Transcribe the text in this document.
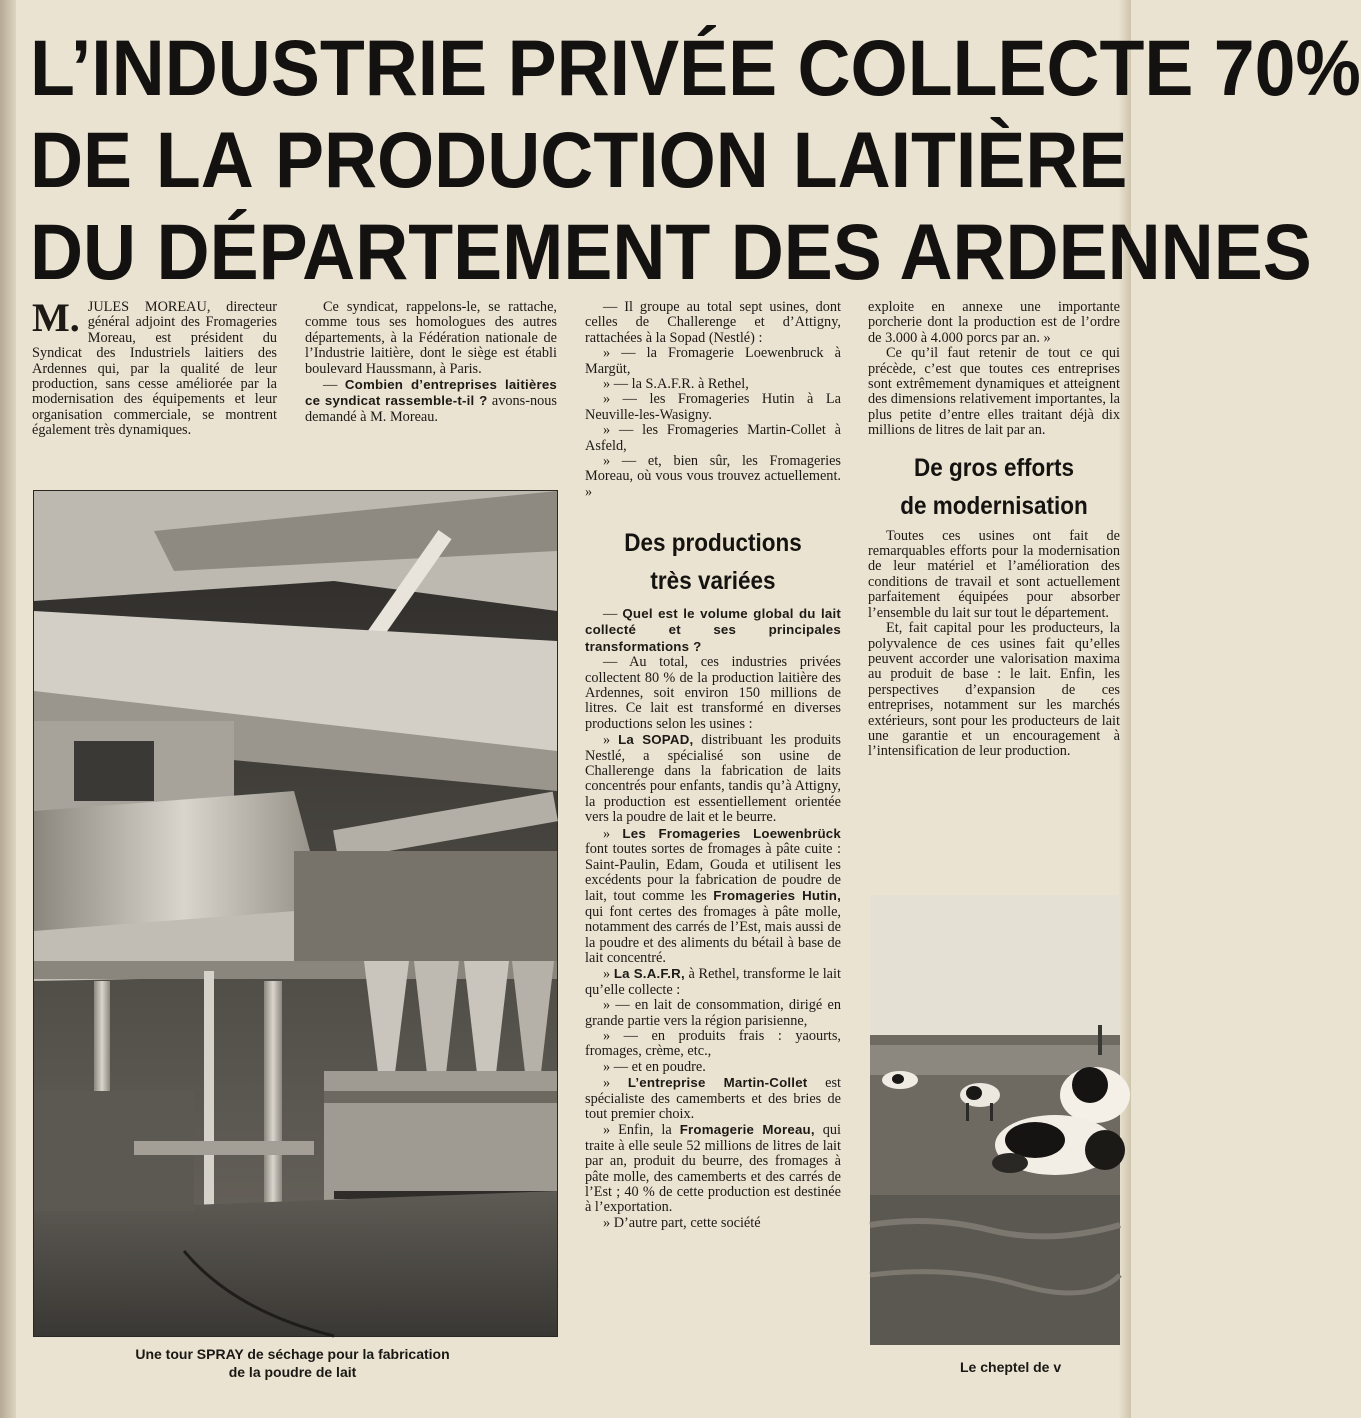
L’INDUSTRIE PRIVÉE COLLECTE 70%
DE LA PRODUCTION LAITIÈRE
DU DÉPARTEMENT DES ARDENNES
M. JULES MOREAU, directeur général adjoint des Fromageries Moreau, est président du Syndicat des Industriels laitiers des Ardennes qui, par la qualité de leur production, sans cesse améliorée par la modernisation des équipements et leur organisation commerciale, se montrent également très dynamiques.

Ce syndicat, rappelons-le, se rattache, comme tous ses homologues des autres départements, à la Fédération nationale de l’Industrie laitière, dont le siège est établi boulevard Haussmann, à Paris.

— Combien d’entreprises laitières ce syndicat rassemble-t-il ? avons-nous demandé à M. Moreau.

Une tour SPRAY de séchage pour la fabrication
de la poudre de lait

— Il groupe au total sept usines, dont celles de Challerenge et d’Attigny, rattachées à la Sopad (Nestlé) :

» — la Fromagerie Loewenbruck à Margüt,

» — la S.A.F.R. à Rethel,

» — les Fromageries Hutin à La Neuville-les-Wasigny.

» — les Fromageries Martin-Collet à Asfeld,

» — et, bien sûr, les Fromageries Moreau, où vous vous trouvez actuellement. »

Des productions
très variées

— Quel est le volume global du lait collecté et ses principales transformations ?

— Au total, ces industries privées collectent 80 % de la production laitière des Ardennes, soit environ 150 millions de litres. Ce lait est transformé en diverses productions selon les usines :

» La SOPAD, distribuant les produits Nestlé, a spécialisé son usine de Challerenge dans la fabrication de laits concentrés pour enfants, tandis qu’à Attigny, la production est essentiellement orientée vers la poudre de lait et le beurre.

» Les Fromageries Loewenbrück font toutes sortes de fromages à pâte cuite : Saint-Paulin, Edam, Gouda et utilisent les excédents pour la fabrication de poudre de lait, tout comme les Fromageries Hutin, qui font certes des fromages à pâte molle, notamment des carrés de l’Est, mais aussi de la poudre et des aliments du bétail à base de lait concentré.

» La S.A.F.R, à Rethel, transforme le lait qu’elle collecte :

» — en lait de consommation, dirigé en grande partie vers la région parisienne,

» — en produits frais : yaourts, fromages, crème, etc.,

» — et en poudre.

» L’entreprise Martin-Collet est spécialiste des camemberts et des bries de tout premier choix.

» Enfin, la Fromagerie Moreau, qui traite à elle seule 52 millions de litres de lait par an, produit du beurre, des fromages à pâte molle, des camemberts et des carrés de l’Est ; 40 % de cette production est destinée à l’exportation.

» D’autre part, cette société

exploite en annexe une importante porcherie dont la production est de l’ordre de 3.000 à 4.000 porcs par an. »

Ce qu’il faut retenir de tout ce qui précède, c’est que toutes ces entreprises sont extrêmement dynamiques et atteignent des dimensions relativement importantes, la plus petite d’entre elles traitant déjà dix millions de litres de lait par an.

De gros efforts
de modernisation

Toutes ces usines ont fait de remarquables efforts pour la modernisation de leur matériel et l’amélioration des conditions de travail et sont actuellement parfaitement équipées pour absorber l’ensemble du lait sur tout le département.

Et, fait capital pour les producteurs, la polyvalence de ces usines fait qu’elles peuvent accorder une valorisation maxima au produit de base : le lait. Enfin, les perspectives d’expansion de ces entreprises, notamment sur les marchés extérieurs, sont pour les producteurs de lait une garantie et un encouragement à l’intensification de leur production.

Le cheptel de v
